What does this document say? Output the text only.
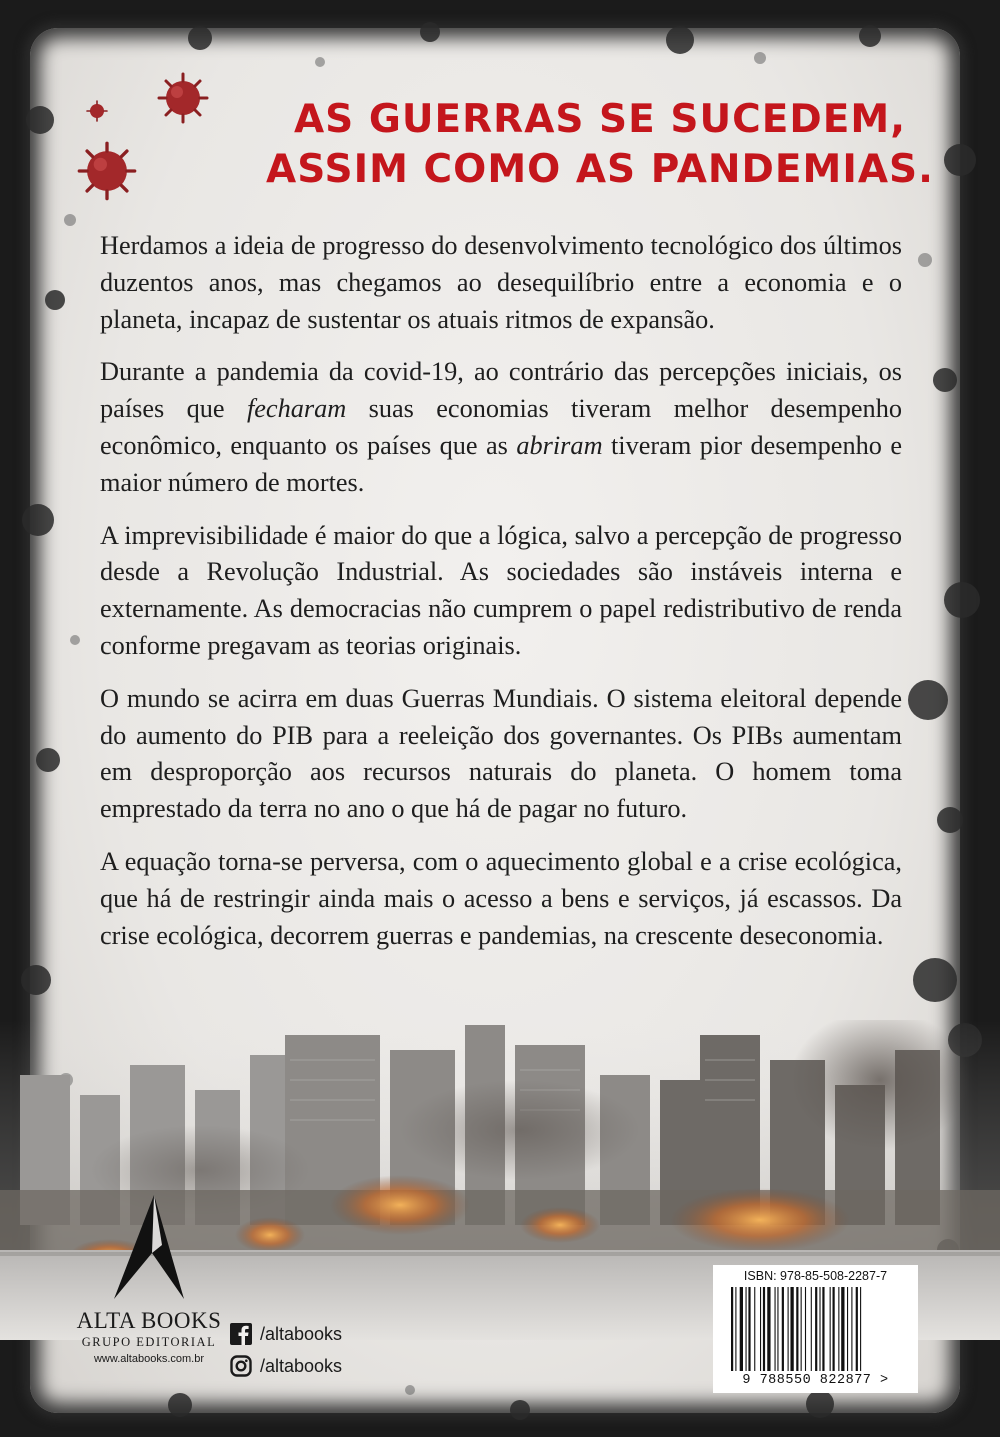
AS GUERRAS SE SUCEDEM,
ASSIM COMO AS PANDEMIAS.

Herdamos a ideia de progresso do desenvolvimento tecnológico dos últimos duzentos anos, mas chegamos ao desequilíbrio entre a economia e o planeta, incapaz de sustentar os atuais ritmos de expansão.

Durante a pandemia da covid-19, ao contrário das percepções iniciais, os países que fecharam suas economias tiveram melhor desempenho econômico, enquanto os países que as abriram tiveram pior desempenho e maior número de mortes.

A imprevisibilidade é maior do que a lógica, salvo a percepção de progresso desde a Revolução Industrial. As sociedades são instáveis interna e externamente. As democracias não cumprem o papel redistributivo de renda conforme pregavam as teorias originais.

O mundo se acirra em duas Guerras Mundiais. O sistema eleitoral depende do aumento do PIB para a reeleição dos governantes. Os PIBs aumentam em desproporção aos recursos naturais do planeta. O homem toma emprestado da terra no ano o que há de pagar no futuro.

A equação torna-se perversa, com o aquecimento global e a crise ecológica, que há de restringir ainda mais o acesso a bens e serviços, já escassos. Da crise ecológica, decorrem guerras e pandemias, na crescente deseconomia.

ALTA BOOKS
GRUPO EDITORIAL
www.altabooks.com.br
/altabooks
/altabooks
ISBN: 978-85-508-2287-7
9 788550 822877 >
